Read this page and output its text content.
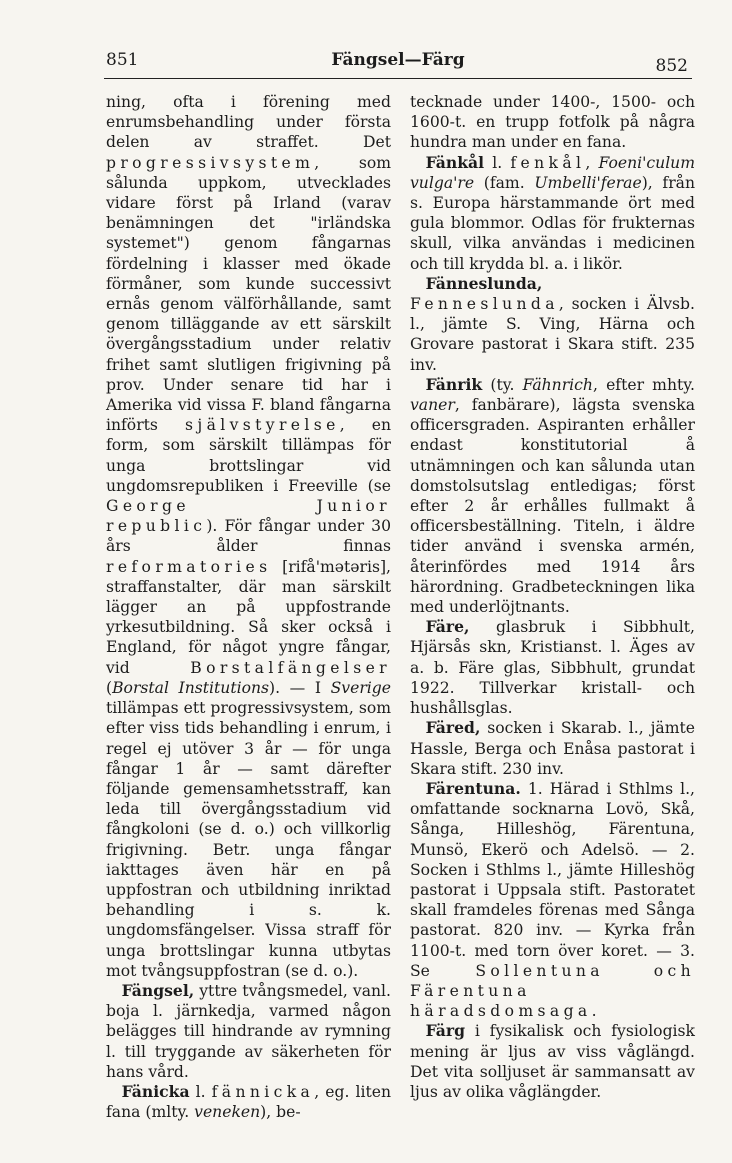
851	Fängsel—Färg	852

ning, ofta i förening med enrumsbehandling under första delen av straffet. Det progressivsystem, som sålunda uppkom, utvecklades vidare först på Irland (varav benämningen det "irländska systemet") genom fångarnas fördelning i klasser med ökade förmåner, som kunde successivt ernås genom välförhållande, samt genom tilläggande av ett särskilt övergångsstadium under relativ frihet samt slutligen frigivning på prov. Under senare tid har i Amerika vid vissa F. bland fångarna införts självstyrelse, en form, som särskilt tillämpas för unga brottslingar vid ungdomsrepubliken i Freeville (se George Junior republic). För fångar under 30 års ålder finnas reformatories [rifå'mətəris], straffanstalter, där man särskilt lägger an på uppfostrande yrkesutbildning. Så sker också i England, för något yngre fångar, vid Borstalfängelser (Borstal Institutions). — I Sverige tillämpas ett progressivsystem, som efter viss tids behandling i enrum, i regel ej utöver 3 år — för unga fångar 1 år — samt därefter följande gemensamhetsstraff, kan leda till övergångsstadium vid fångkoloni (se d. o.) och villkorlig frigivning. Betr. unga fångar iakttages även här en på uppfostran och utbildning inriktad behandling i s. k. ungdomsfängelser. Vissa straff för unga brottslingar kunna utbytas mot tvångsuppfostran (se d. o.).

Fängsel, yttre tvångsmedel, vanl. boja l. järnkedja, varmed någon belägges till hindrande av rymning l. till tryggande av säkerheten för hans vård.

Fänicka l. fännicka, eg. liten fana (mlty. veneken), be-

tecknade under 1400-, 1500- och 1600-t. en trupp fotfolk på några hundra man under en fana.

Fänkål l. fenkål, Foeni'culum vulga're (fam. Umbelli'ferae), från s. Europa härstammande ört med gula blommor. Odlas för frukternas skull, vilka användas i medicinen och till krydda bl. a. i likör.

Fänneslunda, Fenneslunda, socken i Älvsb. l., jämte S. Ving, Härna och Grovare pastorat i Skara stift. 235 inv.

Fänrik (ty. Fähnrich, efter mhty. vaner, fanbärare), lägsta svenska officersgraden. Aspiranten erhåller endast konstitutorial å utnämningen och kan sålunda utan domstolsutslag entledigas; först efter 2 år erhålles fullmakt å officersbeställning. Titeln, i äldre tider använd i svenska armén, återinfördes med 1914 års härordning. Gradbeteckningen lika med underlöjtnants.

Färe, glasbruk i Sibbhult, Hjärsås skn, Kristianst. l. Äges av a. b. Färe glas, Sibbhult, grundat 1922. Tillverkar kristall- och hushållsglas.

Färed, socken i Skarab. l., jämte Hassle, Berga och Enåsa pastorat i Skara stift. 230 inv.

Färentuna. 1. Härad i Sthlms l., omfattande socknarna Lovö, Skå, Sånga, Hilleshög, Färentuna, Munsö, Ekerö och Adelsö. — 2. Socken i Sthlms l., jämte Hilleshög pastorat i Uppsala stift. Pastoratet skall framdeles förenas med Sånga pastorat. 820 inv. — Kyrka från 1100-t. med torn över koret. — 3. Se Sollentuna och Färentuna häradsdomsaga.

Färg i fysikalisk och fysiologisk mening är ljus av viss våglängd. Det vita solljuset är sammansatt av ljus av olika våglängder.
